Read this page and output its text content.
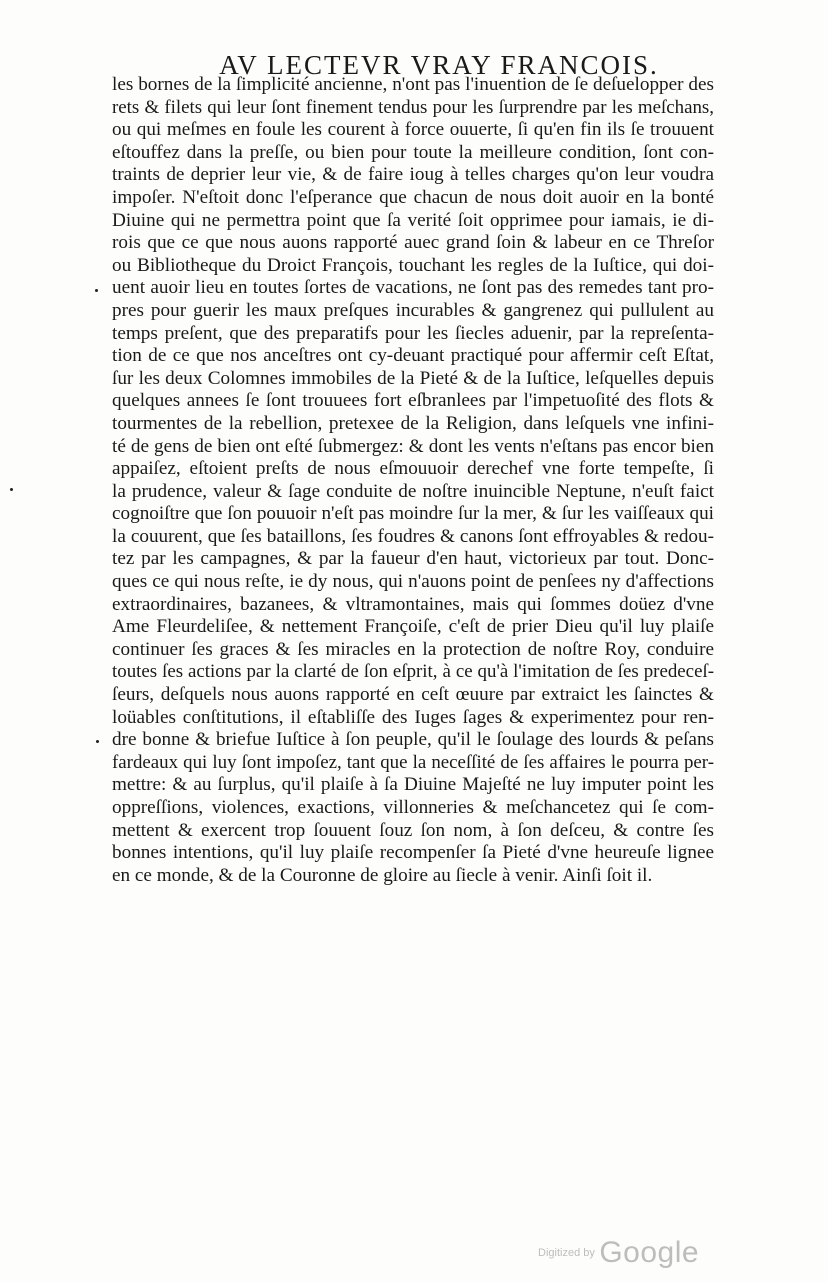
AV LECTEVR VRAY FRANCOIS.
les bornes de la ſimplicité ancienne, n'ont pas l'inuention de ſe deſuelopper des
rets & filets qui leur ſont finement tendus pour les ſurprendre par les meſchans,
ou qui meſmes en foule les courent à force ouuerte, ſi qu'en fin ils ſe trouuent
eſtouffez dans la preſſe, ou bien pour toute la meilleure condition, ſont con-
traints de deprier leur vie, & de faire ioug à telles charges qu'on leur voudra
impoſer. N'eſtoit donc l'eſperance que chacun de nous doit auoir en la bonté
Diuine qui ne permettra point que ſa verité ſoit opprimee pour iamais, ie di-
rois que ce que nous auons rapporté auec grand ſoin & labeur en ce Threſor
ou Bibliotheque du Droict François, touchant les regles de la Iuſtice, qui doi-
uent auoir lieu en toutes ſortes de vacations, ne ſont pas des remedes tant pro-
pres pour guerir les maux preſques incurables & gangrenez qui pullulent au
temps preſent, que des preparatifs pour les ſiecles aduenir, par la repreſenta-
tion de ce que nos anceſtres ont cy-deuant practiqué pour affermir ceſt Eſtat,
ſur les deux Colomnes immobiles de la Pieté & de la Iuſtice, leſquelles depuis
quelques annees ſe ſont trouuees fort eſbranlees par l'impetuoſité des flots &
tourmentes de la rebellion, pretexee de la Religion, dans leſquels vne infini-
té de gens de bien ont eſté ſubmergez: & dont les vents n'eſtans pas encor bien
appaiſez, eſtoient preſts de nous eſmouuoir derechef vne forte tempeſte, ſi
la prudence, valeur & ſage conduite de noſtre inuincible Neptune, n'euſt faict
cognoiſtre que ſon pouuoir n'eſt pas moindre ſur la mer, & ſur les vaiſſeaux qui
la couurent, que ſes bataillons, ſes foudres & canons ſont effroyables & redou-
tez par les campagnes, & par la faueur d'en haut, victorieux par tout. Donc-
ques ce qui nous reſte, ie dy nous, qui n'auons point de penſees ny d'affections
extraordinaires, bazanees, & vltramontaines, mais qui ſommes doüez d'vne
Ame Fleurdeliſee, & nettement Françoiſe, c'eſt de prier Dieu qu'il luy plaiſe
continuer ſes graces & ſes miracles en la protection de noſtre Roy, conduire
toutes ſes actions par la clarté de ſon eſprit, à ce qu'à l'imitation de ſes predeceſ-
ſeurs, deſquels nous auons rapporté en ceſt œuure par extraict les ſainctes &
loüables conſtitutions, il eſtabliſſe des Iuges ſages & experimentez pour ren-
dre bonne & briefue Iuſtice à ſon peuple, qu'il le ſoulage des lourds & peſans
fardeaux qui luy ſont impoſez, tant que la neceſſité de ſes affaires le pourra per-
mettre: & au ſurplus, qu'il plaiſe à ſa Diuine Majeſté ne luy imputer point les
oppreſſions, violences, exactions, villonneries & meſchancetez qui ſe com-
mettent & exercent trop ſouuent ſouz ſon nom, à ſon deſceu, & contre ſes
bonnes intentions, qu'il luy plaiſe recompenſer ſa Pieté d'vne heureuſe lignee
en ce monde, & de la Couronne de gloire au ſiecle à venir. Ainſi ſoit il.
Digitized by Google
